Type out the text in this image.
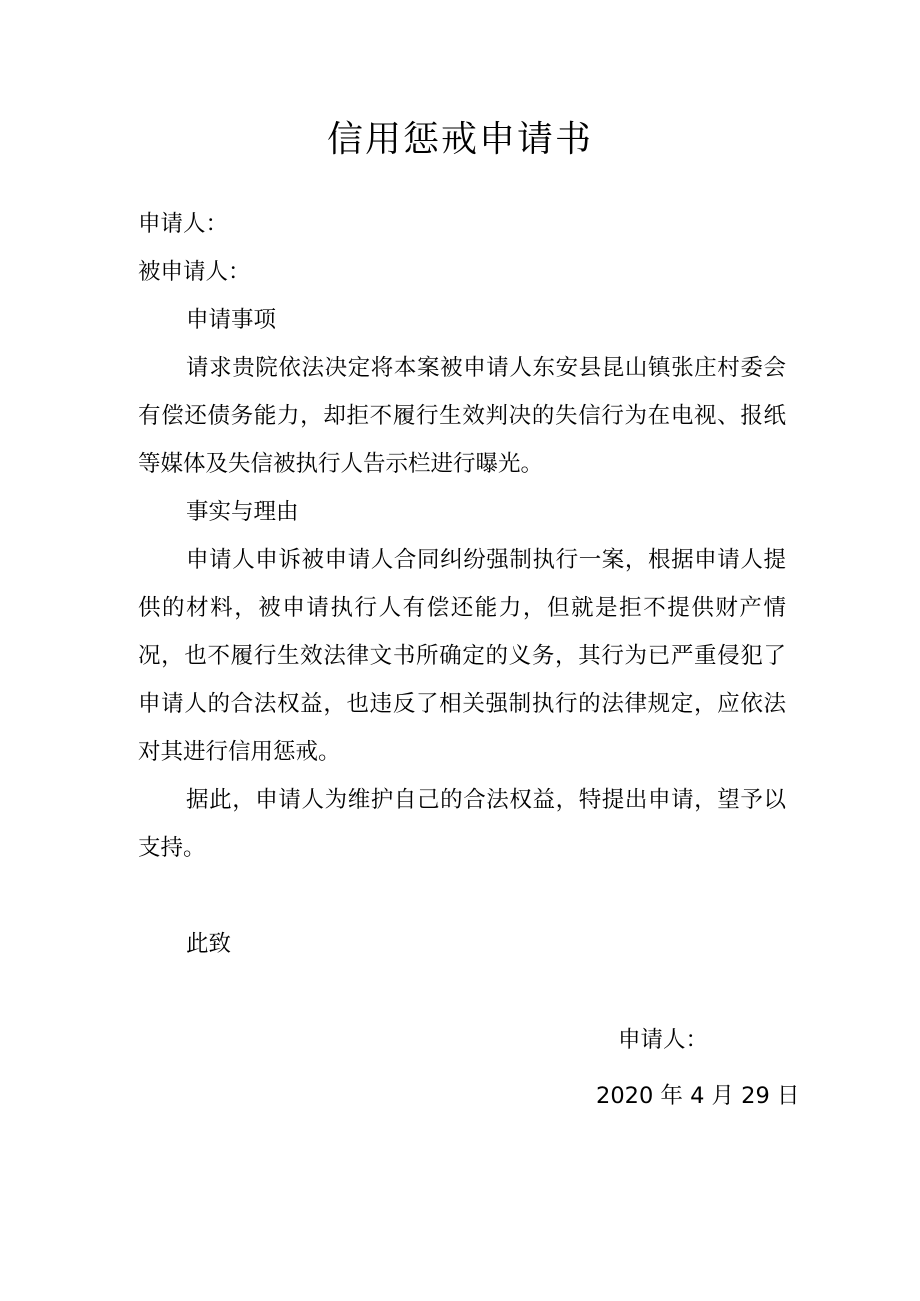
信用惩戒申请书
申请人：
被申请人：
申请事项

请求贵院依法决定将本案被申请人东安县昆山镇张庄村委会有偿还债务能力，却拒不履行生效判决的失信行为在电视、报纸等媒体及失信被执行人告示栏进行曝光。

事实与理由

申请人申诉被申请人合同纠纷强制执行一案，根据申请人提供的材料，被申请执行人有偿还能力，但就是拒不提供财产情况，也不履行生效法律文书所确定的义务，其行为已严重侵犯了申请人的合法权益，也违反了相关强制执行的法律规定，应依法对其进行信用惩戒。

据此，申请人为维护自己的合法权益，特提出申请，望予以支持。

此致
申请人：
2020 年 4 月 29 日
